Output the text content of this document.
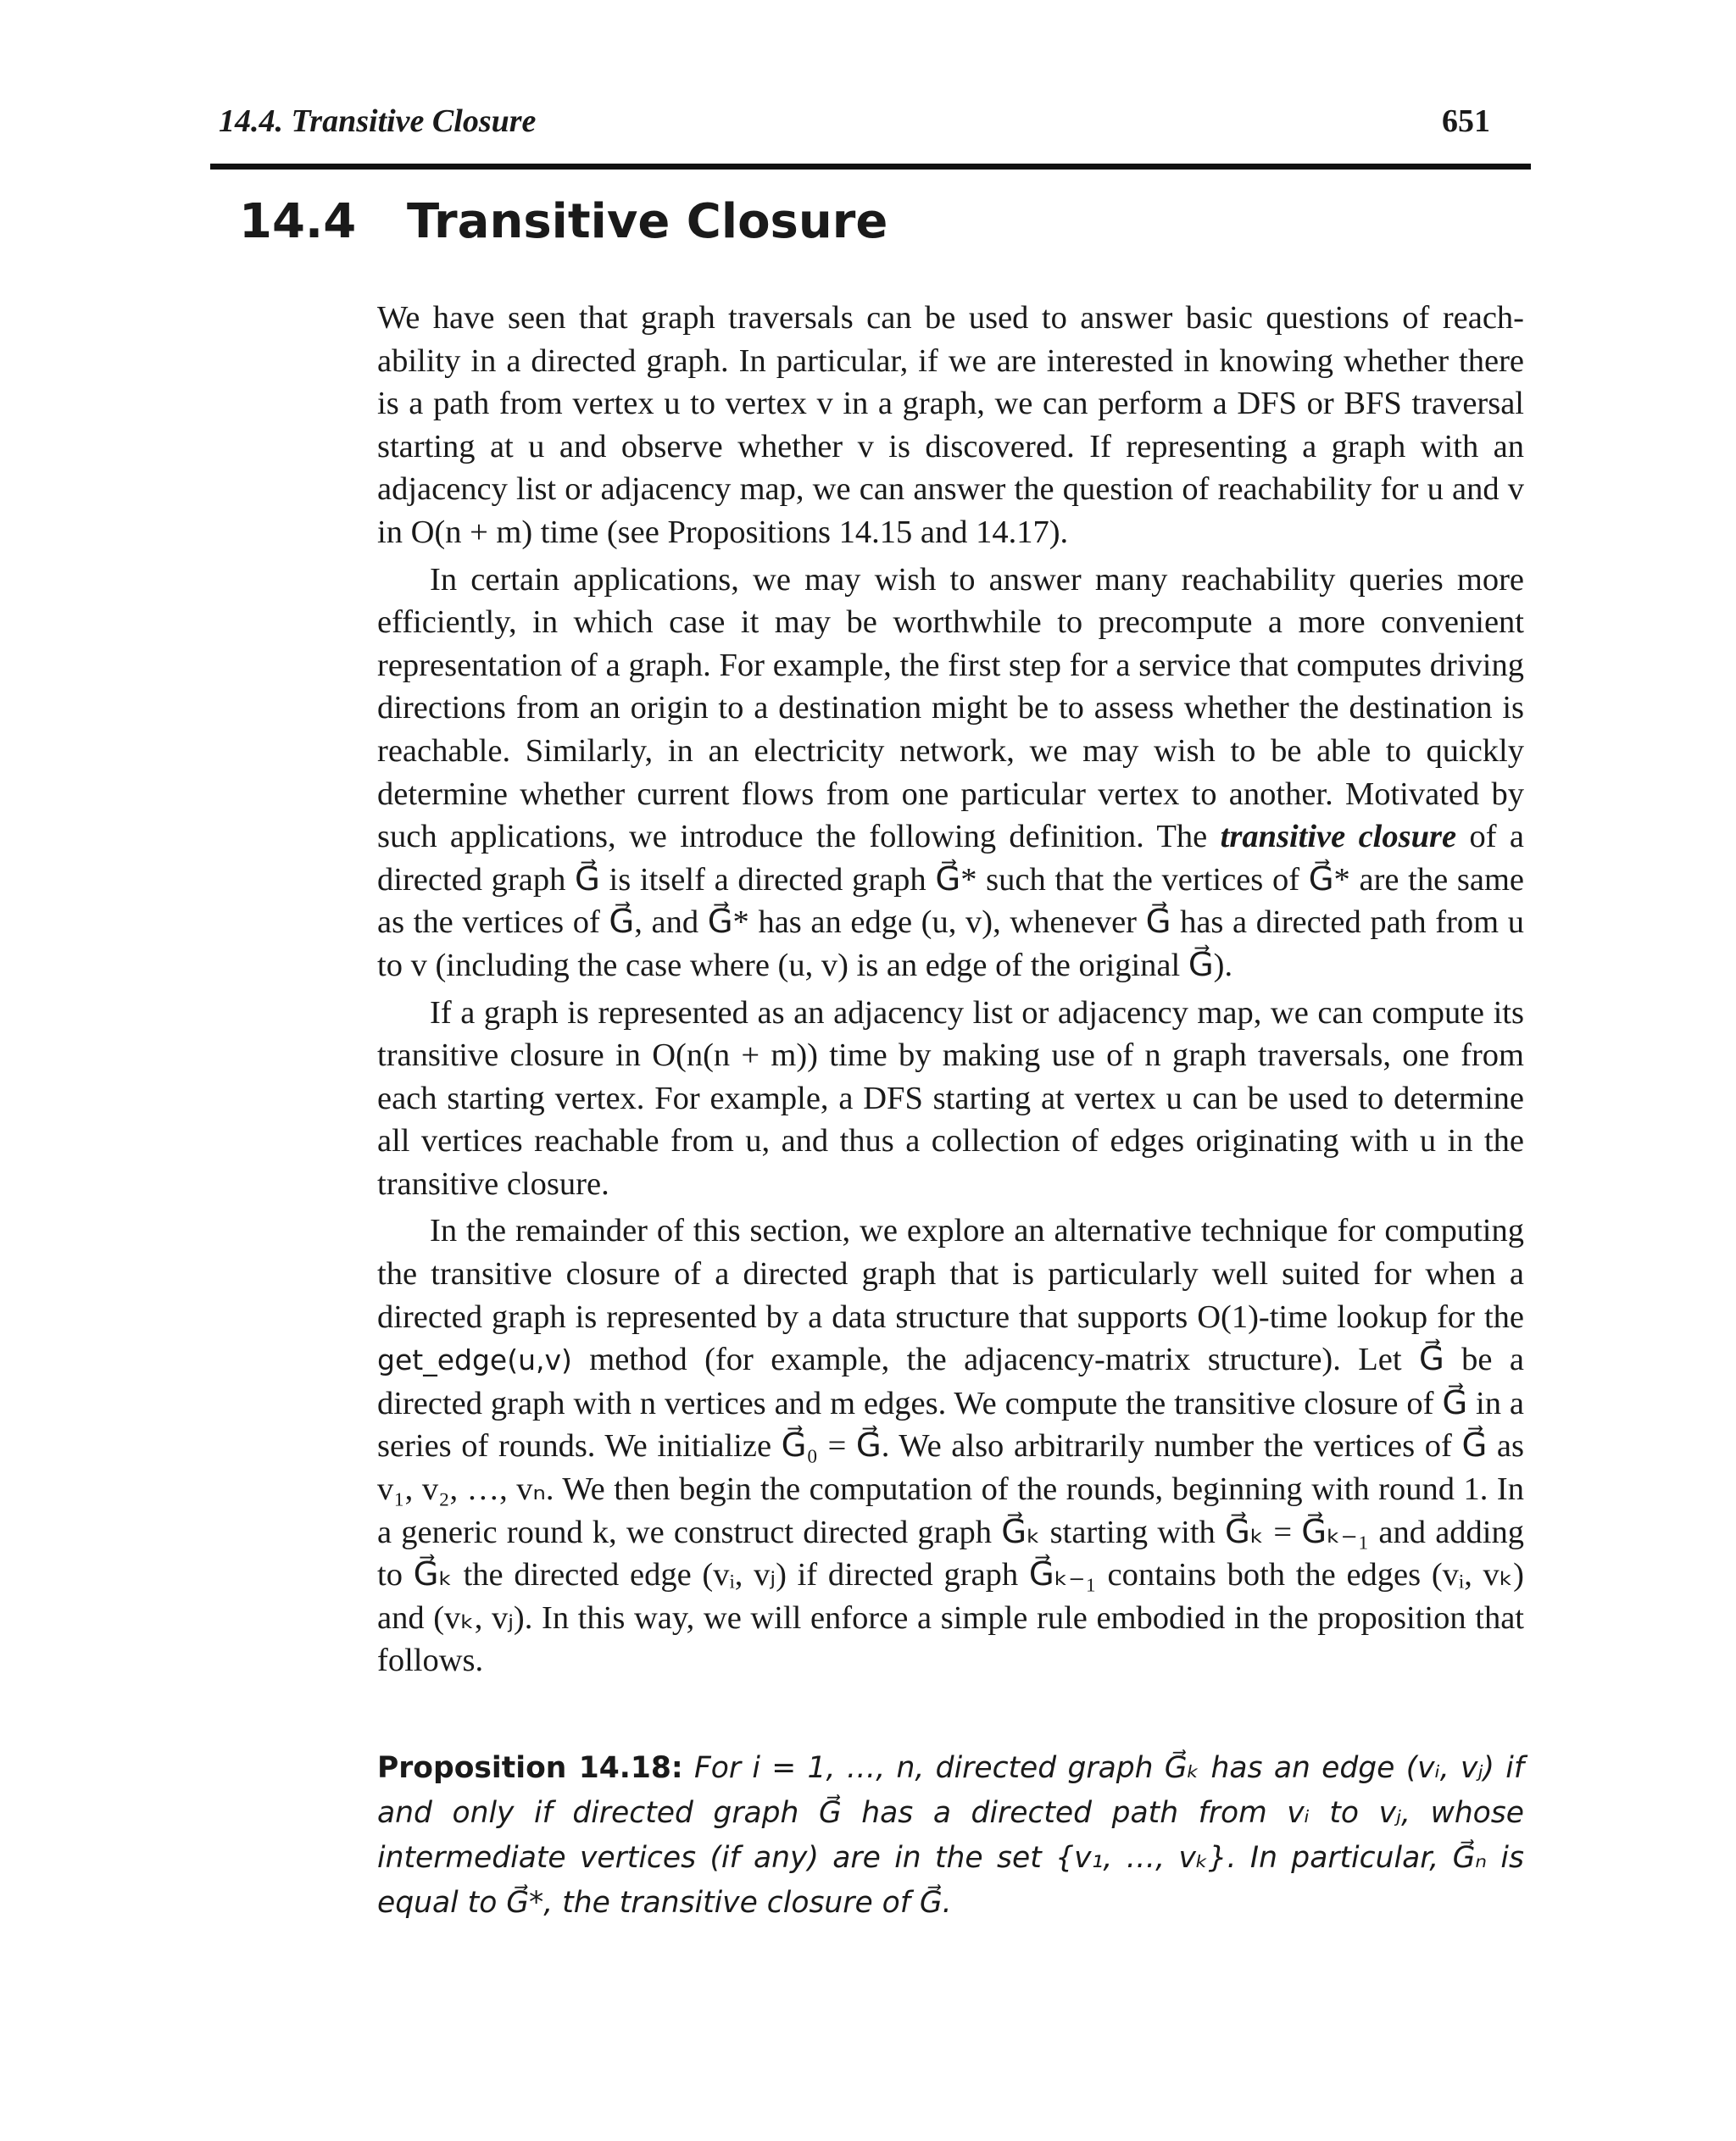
14.4. Transitive Closure	651
14.4 Transitive Closure

We have seen that graph traversals can be used to answer basic questions of reachability in a directed graph. In particular, if we are interested in knowing whether there is a path from vertex u to vertex v in a graph, we can perform a DFS or BFS traversal starting at u and observe whether v is discovered. If representing a graph with an adjacency list or adjacency map, we can answer the question of reachability for u and v in O(n + m) time (see Propositions 14.15 and 14.17).

In certain applications, we may wish to answer many reachability queries more efficiently, in which case it may be worthwhile to precompute a more convenient representation of a graph. For example, the first step for a service that computes driving directions from an origin to a destination might be to assess whether the destination is reachable. Similarly, in an electricity network, we may wish to be able to quickly determine whether current flows from one particular vertex to another. Motivated by such applications, we introduce the following definition. The transitive closure of a directed graph G⃗ is itself a directed graph G⃗* such that the vertices of G⃗* are the same as the vertices of G⃗, and G⃗* has an edge (u, v), whenever G⃗ has a directed path from u to v (including the case where (u, v) is an edge of the original G⃗).

If a graph is represented as an adjacency list or adjacency map, we can compute its transitive closure in O(n(n + m)) time by making use of n graph traversals, one from each starting vertex. For example, a DFS starting at vertex u can be used to determine all vertices reachable from u, and thus a collection of edges originating with u in the transitive closure.

In the remainder of this section, we explore an alternative technique for computing the transitive closure of a directed graph that is particularly well suited for when a directed graph is represented by a data structure that supports O(1)-time lookup for the get_edge(u,v) method (for example, the adjacency-matrix structure). Let G⃗ be a directed graph with n vertices and m edges. We compute the transitive closure of G⃗ in a series of rounds. We initialize G⃗₀ = G⃗. We also arbitrarily number the vertices of G⃗ as v₁, v₂, …, vₙ. We then begin the computation of the rounds, beginning with round 1. In a generic round k, we construct directed graph G⃗ₖ starting with G⃗ₖ = G⃗ₖ₋₁ and adding to G⃗ₖ the directed edge (vᵢ, vⱼ) if directed graph G⃗ₖ₋₁ contains both the edges (vᵢ, vₖ) and (vₖ, vⱼ). In this way, we will enforce a simple rule embodied in the proposition that follows.

Proposition 14.18: For i = 1, …, n, directed graph G⃗ₖ has an edge (vᵢ, vⱼ) if and only if directed graph G⃗ has a directed path from vᵢ to vⱼ, whose intermediate vertices (if any) are in the set {v₁, …, vₖ}. In particular, G⃗ₙ is equal to G⃗*, the transitive closure of G⃗.
